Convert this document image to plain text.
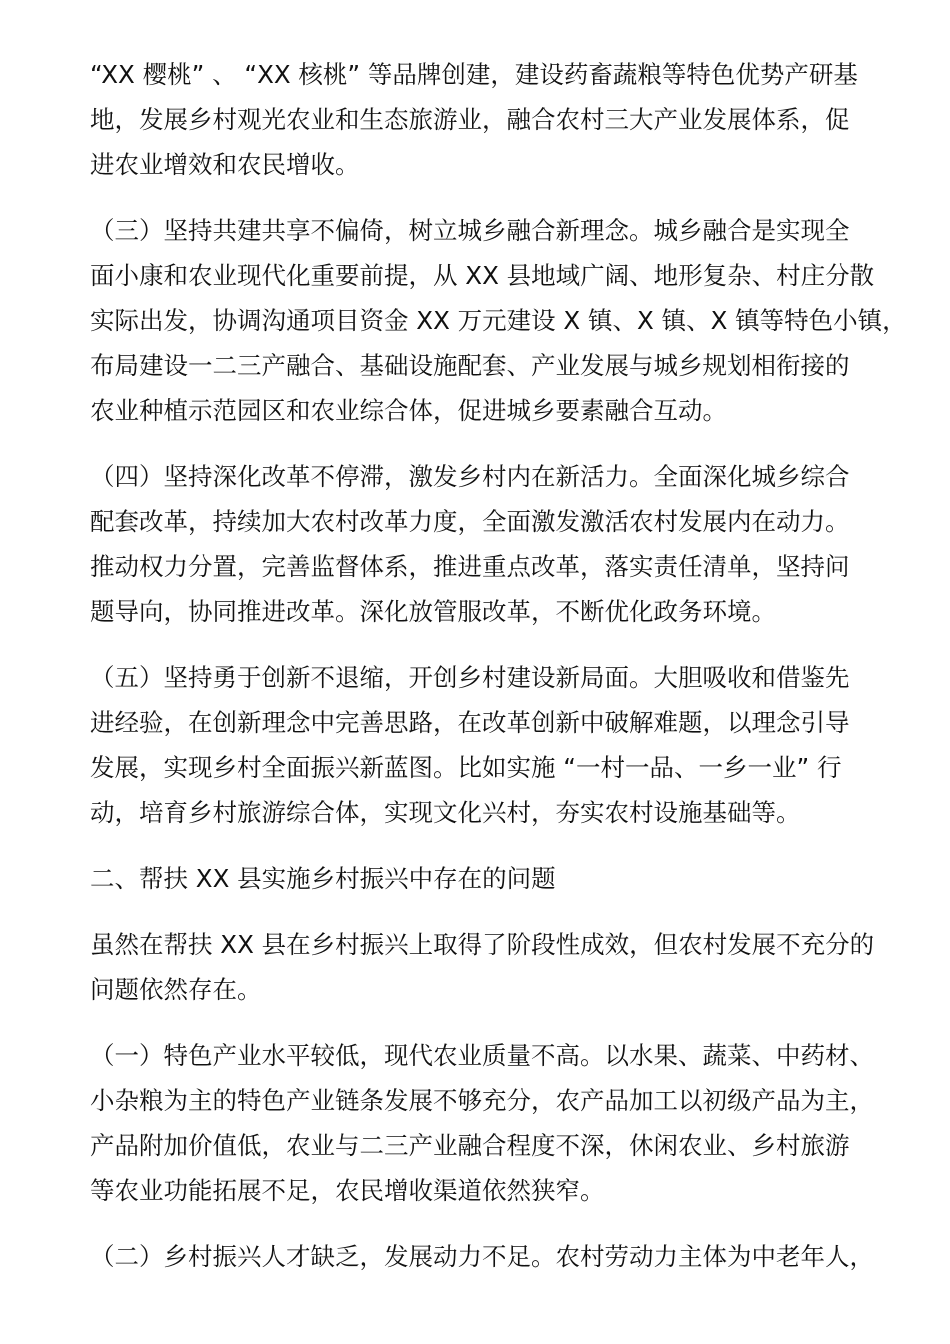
“XX 樱桃” 、 “XX 核桃” 等品牌创建，建设药畜蔬粮等特色优势产研基
地，发展乡村观光农业和生态旅游业，融合农村三大产业发展体系，促
进农业增效和农民增收。
（三）坚持共建共享不偏倚，树立城乡融合新理念。城乡融合是实现全
面小康和农业现代化重要前提，从 XX 县地域广阔、地形复杂、村庄分散
实际出发，协调沟通项目资金 XX 万元建设 X 镇、X 镇、X 镇等特色小镇，
布局建设一二三产融合、基础设施配套、产业发展与城乡规划相衔接的
农业种植示范园区和农业综合体，促进城乡要素融合互动。
（四）坚持深化改革不停滞，激发乡村内在新活力。全面深化城乡综合
配套改革，持续加大农村改革力度，全面激发激活农村发展内在动力。
推动权力分置，完善监督体系，推进重点改革，落实责任清单，坚持问
题导向，协同推进改革。深化放管服改革，不断优化政务环境。
（五）坚持勇于创新不退缩，开创乡村建设新局面。大胆吸收和借鉴先
进经验，在创新理念中完善思路，在改革创新中破解难题，以理念引导
发展，实现乡村全面振兴新蓝图。比如实施 “一村一品、一乡一业” 行
动，培育乡村旅游综合体，实现文化兴村，夯实农村设施基础等。
二、帮扶 XX 县实施乡村振兴中存在的问题
虽然在帮扶 XX 县在乡村振兴上取得了阶段性成效，但农村发展不充分的
问题依然存在。
（一）特色产业水平较低，现代农业质量不高。以水果、蔬菜、中药材、
小杂粮为主的特色产业链条发展不够充分，农产品加工以初级产品为主，
产品附加价值低，农业与二三产业融合程度不深，休闲农业、乡村旅游
等农业功能拓展不足，农民增收渠道依然狭窄。
（二）乡村振兴人才缺乏，发展动力不足。农村劳动力主体为中老年人，
